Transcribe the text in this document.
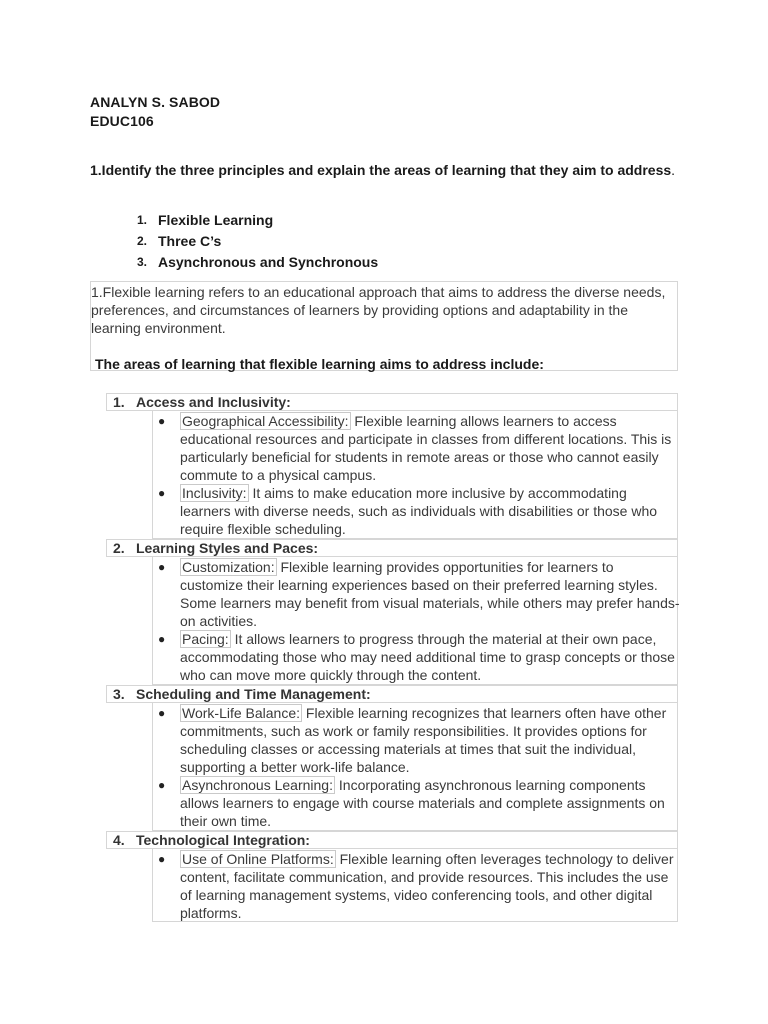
ANALYN S. SABOD
EDUC106
1.Identify the three principles and explain the areas of learning that they aim to address.
1. Flexible Learning
2. Three C’s
3. Asynchronous and Synchronous
1.Flexible learning refers to an educational approach that aims to address the diverse needs, preferences, and circumstances of learners by providing options and adaptability in the learning environment.
The areas of learning that flexible learning aims to address include:
1. Access and Inclusivity:
● Geographical Accessibility: Flexible learning allows learners to access educational resources and participate in classes from different locations. This is particularly beneficial for students in remote areas or those who cannot easily commute to a physical campus.
● Inclusivity: It aims to make education more inclusive by accommodating learners with diverse needs, such as individuals with disabilities or those who require flexible scheduling.
2. Learning Styles and Paces:
● Customization: Flexible learning provides opportunities for learners to customize their learning experiences based on their preferred learning styles. Some learners may benefit from visual materials, while others may prefer hands-on activities.
● Pacing: It allows learners to progress through the material at their own pace, accommodating those who may need additional time to grasp concepts or those who can move more quickly through the content.
3. Scheduling and Time Management:
● Work-Life Balance: Flexible learning recognizes that learners often have other commitments, such as work or family responsibilities. It provides options for scheduling classes or accessing materials at times that suit the individual, supporting a better work-life balance.
● Asynchronous Learning: Incorporating asynchronous learning components allows learners to engage with course materials and complete assignments on their own time.
4. Technological Integration:
● Use of Online Platforms: Flexible learning often leverages technology to deliver content, facilitate communication, and provide resources. This includes the use of learning management systems, video conferencing tools, and other digital platforms.
